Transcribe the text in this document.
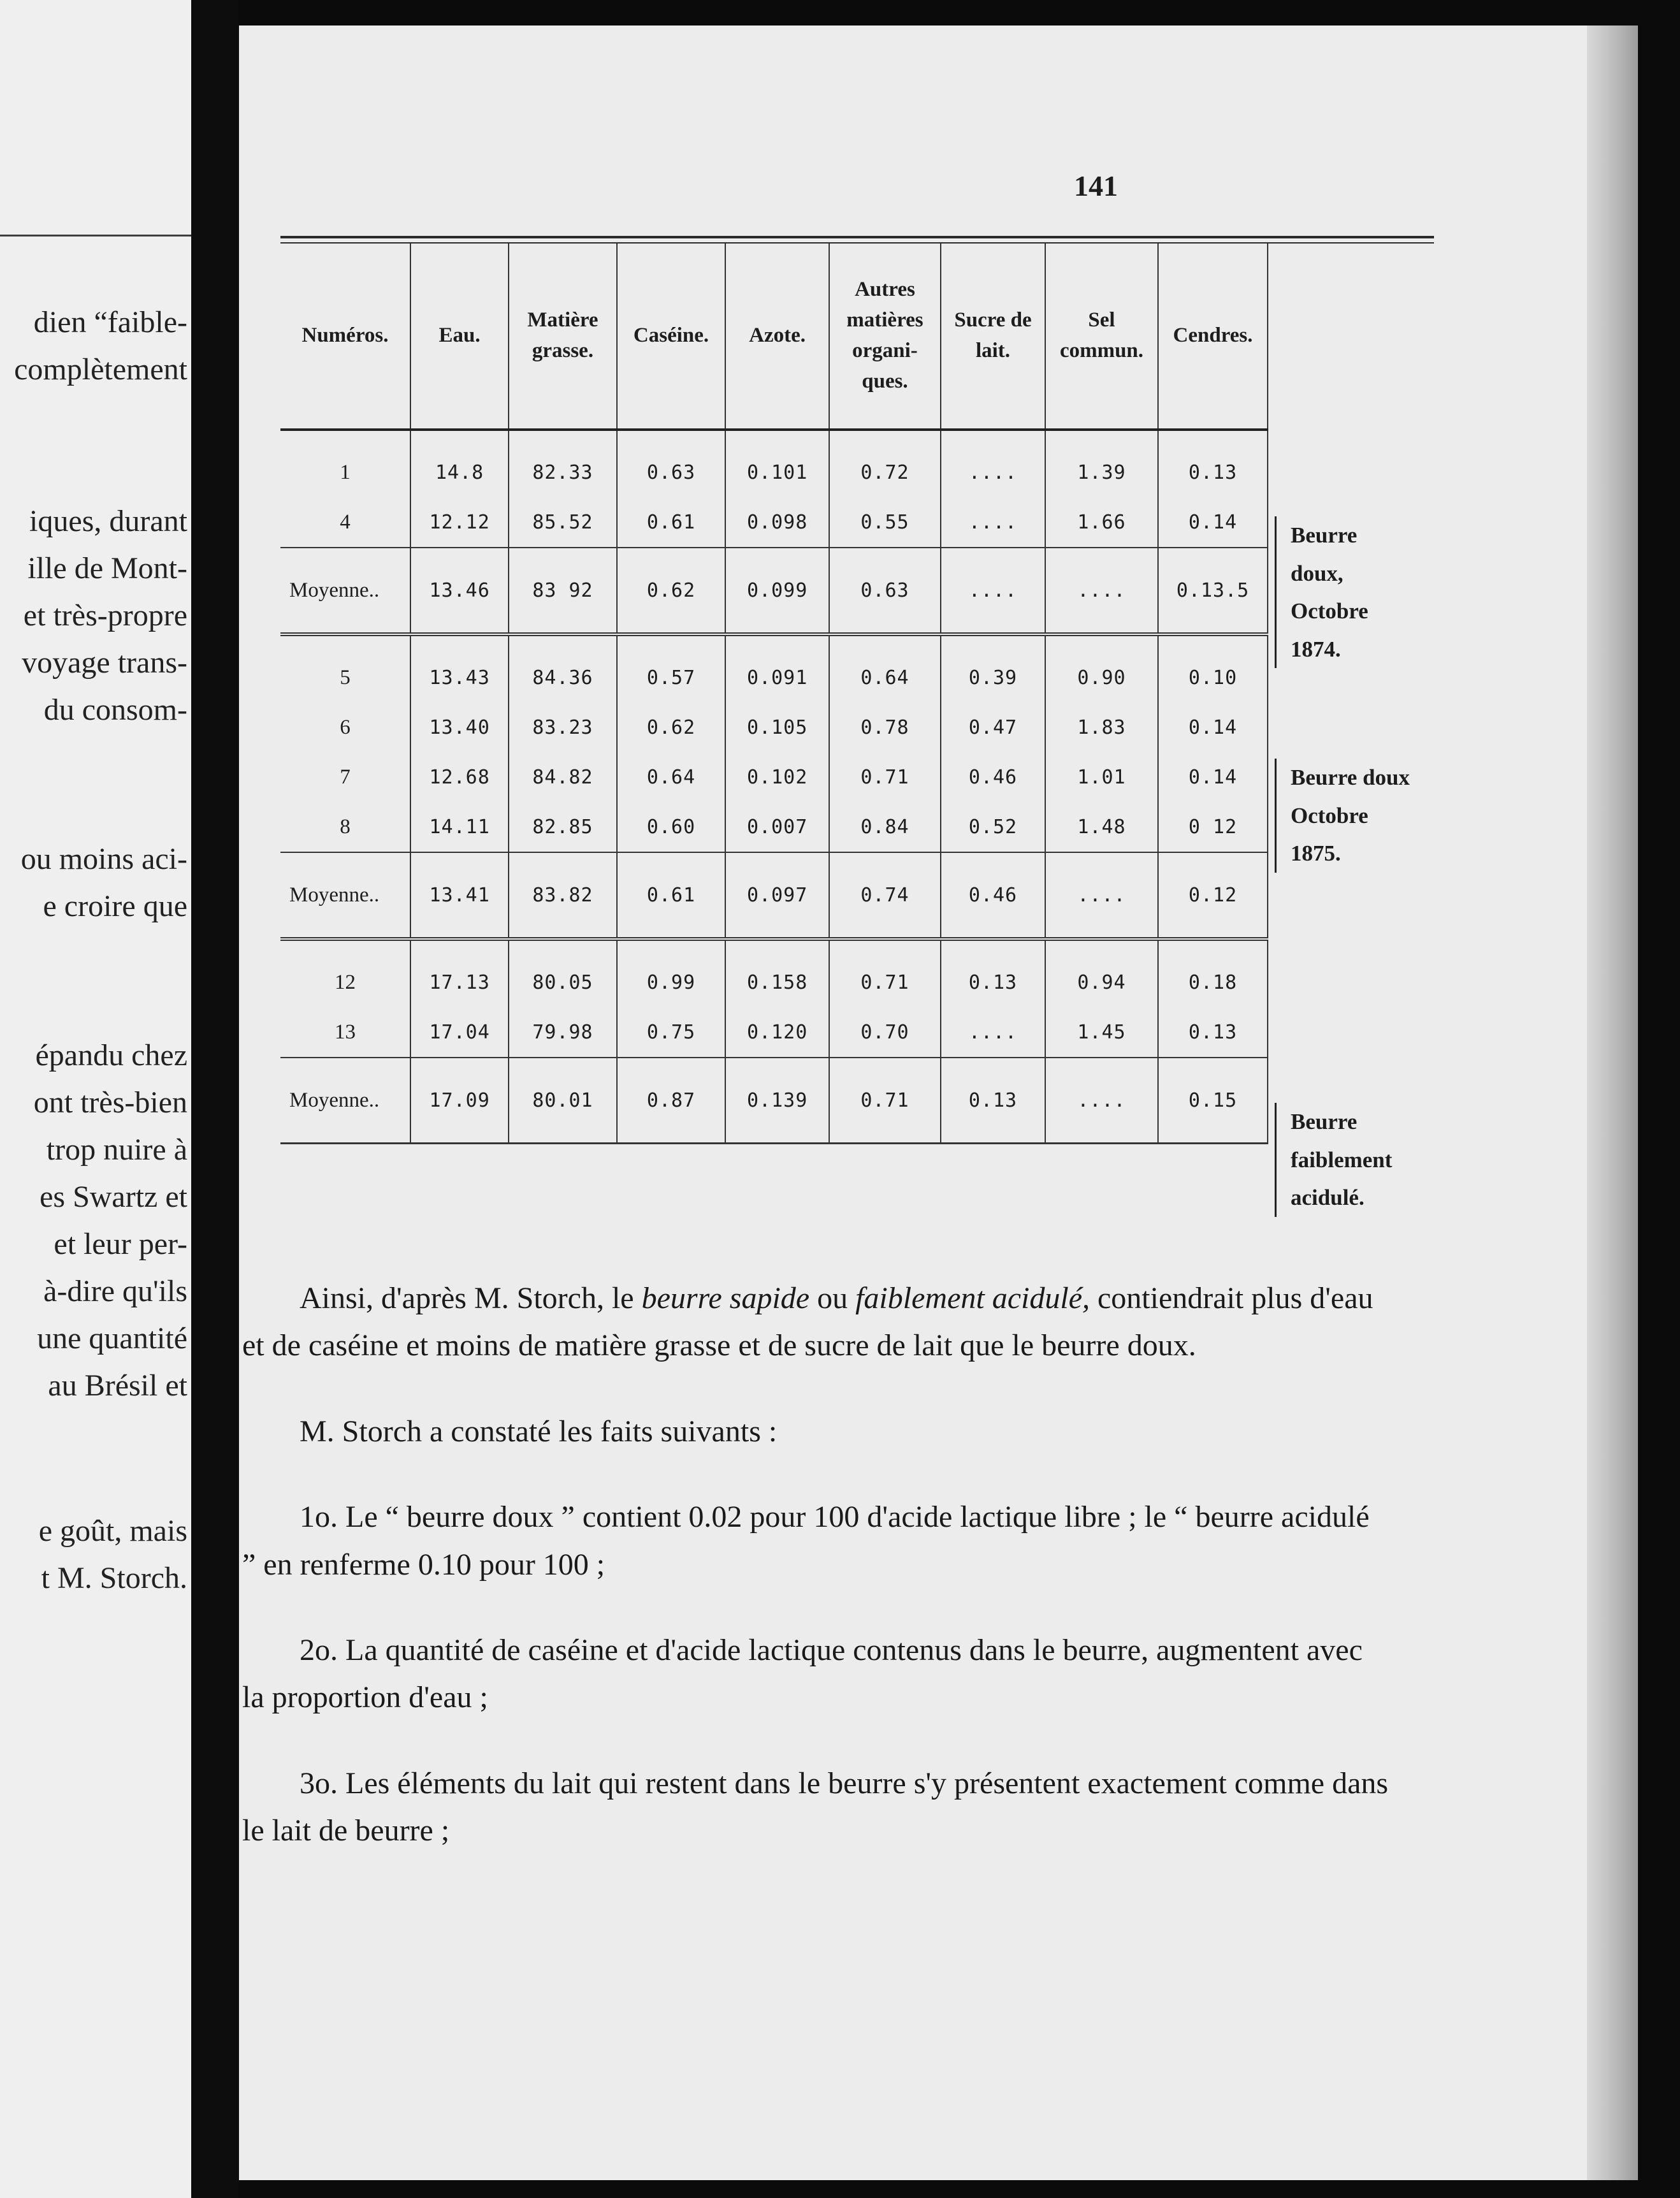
dien “faible-
complètement
iques, durant
ille de Mont-
et très-propre
voyage trans-
du consom-
ou moins aci-
e croire que
épandu chez
ont très-bien
trop nuire à
es Swartz et
et leur per-
à-dire qu'ils
une quantité
au Brésil et
e goût, mais
t M. Storch.
141
Numéros.	Eau.	Matière grasse.	Caséine.	Azote.	Autres matières organi-ques.	Sucre de lait.	Sel commun.	Cendres.
1	14.8	82.33	0.63	0.101	0.72	....	1.39	0.13
4	12.12	85.52	0.61	0.098	0.55	....	1.66	0.14
Moyenne..	13.46	83 92	0.62	0.099	0.63	....	....	0.13.5
5	13.43	84.36	0.57	0.091	0.64	0.39	0.90	0.10
6	13.40	83.23	0.62	0.105	0.78	0.47	1.83	0.14
7	12.68	84.82	0.64	0.102	0.71	0.46	1.01	0.14
8	14.11	82.85	0.60	0.007	0.84	0.52	1.48	0 12
Moyenne..	13.41	83.82	0.61	0.097	0.74	0.46	....	0.12
12	17.13	80.05	0.99	0.158	0.71	0.13	0.94	0.18
13	17.04	79.98	0.75	0.120	0.70	....	1.45	0.13
Moyenne..	17.09	80.01	0.87	0.139	0.71	0.13	....	0.15
Beurre doux, Octobre 1874.
Beurre doux Octobre 1875.
Beurre faiblement acidulé.

Ainsi, d'après M. Storch, le beurre sapide ou faiblement acidulé, contiendrait plus d'eau et de caséine et moins de matière grasse et de sucre de lait que le beurre doux.

M. Storch a constaté les faits suivants :

1o. Le “ beurre doux ” contient 0.02 pour 100 d'acide lactique libre ; le “ beurre acidulé ” en renferme 0.10 pour 100 ;

2o. La quantité de caséine et d'acide lactique contenus dans le beurre, augmentent avec la proportion d'eau ;

3o. Les éléments du lait qui restent dans le beurre s'y présentent exactement comme dans le lait de beurre ;
